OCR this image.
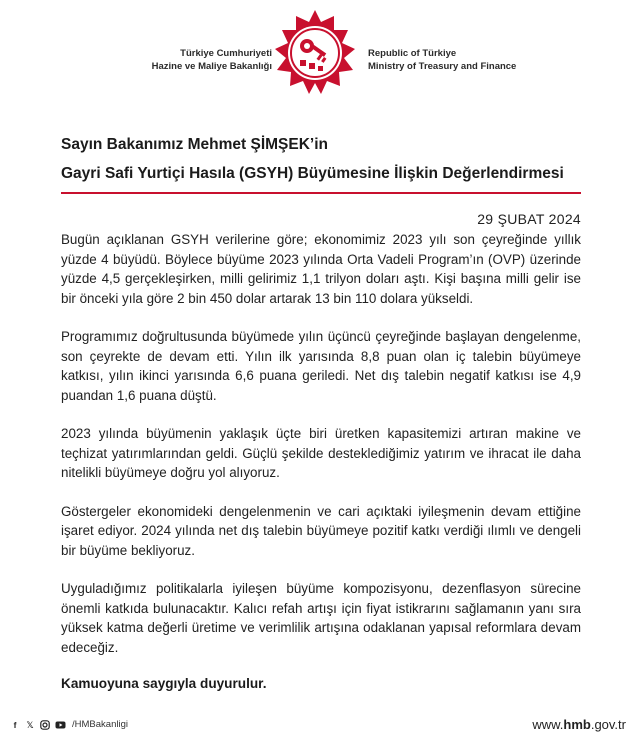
Türkiye Cumhuriyeti
Hazine ve Maliye Bakanlığı
Republic of Türkiye
Ministry of Treasury and Finance
Sayın Bakanımız Mehmet ŞİMŞEK’in
Gayri Safi Yurtiçi Hasıla (GSYH) Büyümesine İlişkin Değerlendirmesi
29 ŞUBAT 2024

Bugün açıklanan GSYH verilerine göre; ekonomimiz 2023 yılı son çeyreğinde yıllık yüzde 4 büyüdü. Böylece büyüme 2023 yılında Orta Vadeli Program’ın (OVP) üzerinde yüzde 4,5 gerçekleşirken, milli gelirimiz 1,1 trilyon doları aştı. Kişi başına milli gelir ise bir önceki yıla göre 2 bin 450 dolar artarak 13 bin 110 dolara yükseldi.

Programımız doğrultusunda büyümede yılın üçüncü çeyreğinde başlayan dengelenme, son çeyrekte de devam etti. Yılın ilk yarısında 8,8 puan olan iç talebin büyümeye katkısı, yılın ikinci yarısında 6,6 puana geriledi. Net dış talebin negatif katkısı ise 4,9 puandan 1,6 puana düştü.

2023 yılında büyümenin yaklaşık üçte biri üretken kapasitemizi artıran makine ve teçhizat yatırımlarından geldi. Güçlü şekilde desteklediğimiz yatırım ve ihracat ile daha nitelikli büyümeye doğru yol alıyoruz.

Göstergeler ekonomideki dengelenmenin ve cari açıktaki iyileşmenin devam ettiğine işaret ediyor. 2024 yılında net dış talebin büyümeye pozitif katkı verdiği ılımlı ve dengeli bir büyüme bekliyoruz.

Uyguladığımız politikalarla iyileşen büyüme kompozisyonu, dezenflasyon sürecine önemli katkıda bulunacaktır. Kalıcı refah artışı için fiyat istikrarını sağlamanın yanı sıra yüksek katma değerli üretime ve verimlilik artışına odaklanan yapısal reformlara devam edeceğiz.

Kamuoyuna saygıyla duyurulur.
f	𝕏	/HMBakanligi	www.hmb.gov.tr
